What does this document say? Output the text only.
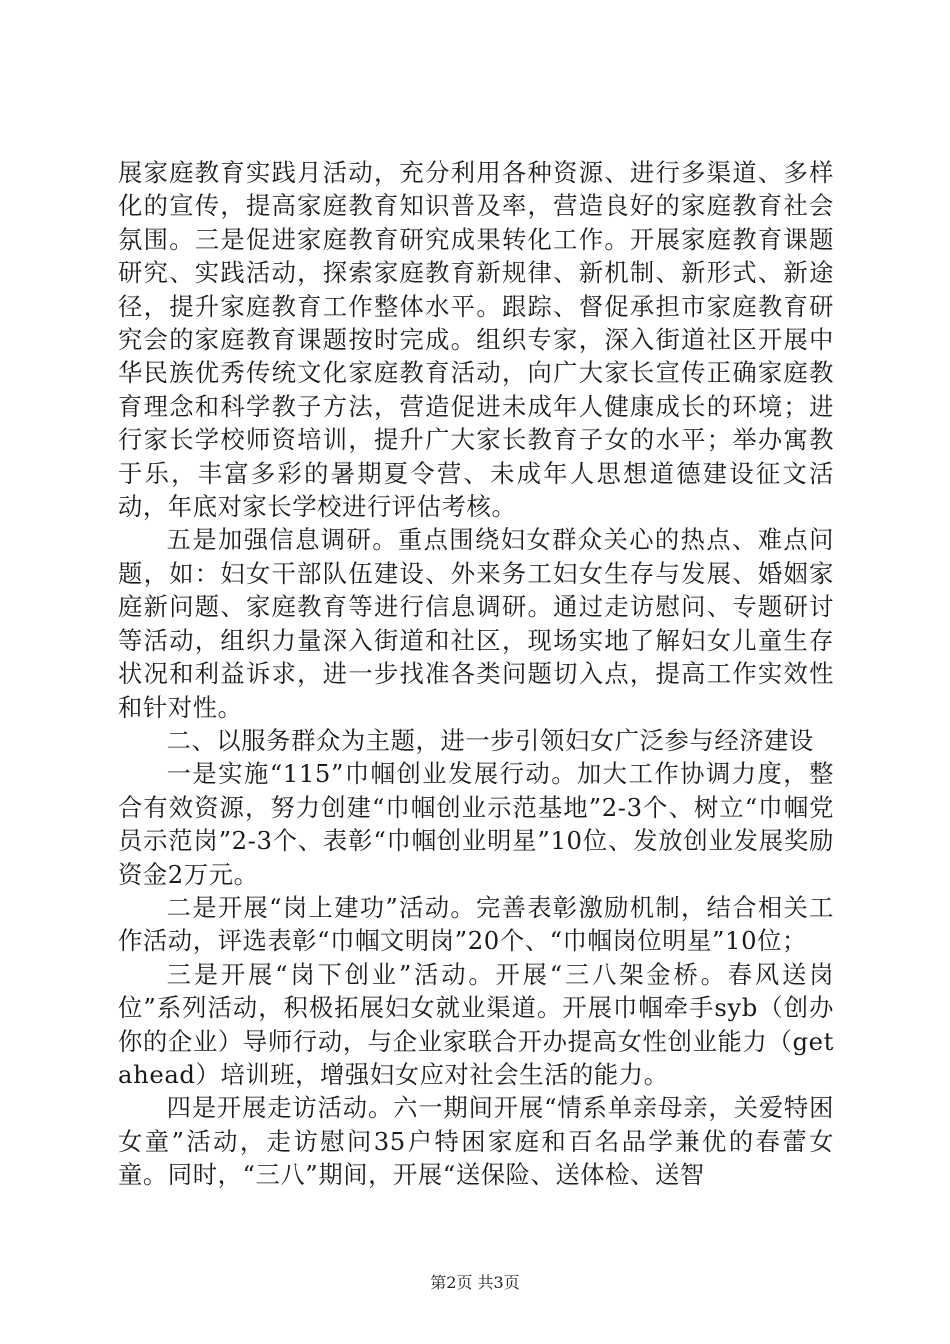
展家庭教育实践月活动，充分利用各种资源、进行多渠道、多样化的宣传，提高家庭教育知识普及率，营造良好的家庭教育社会氛围。三是促进家庭教育研究成果转化工作。开展家庭教育课题研究、实践活动，探索家庭教育新规律、新机制、新形式、新途径，提升家庭教育工作整体水平。跟踪、督促承担市家庭教育研究会的家庭教育课题按时完成。组织专家，深入街道社区开展中华民族优秀传统文化家庭教育活动，向广大家长宣传正确家庭教育理念和科学教子方法，营造促进未成年人健康成长的环境；进行家长学校师资培训，提升广大家长教育子女的水平；举办寓教于乐，丰富多彩的暑期夏令营、未成年人思想道德建设征文活动，年底对家长学校进行评估考核。

五是加强信息调研。重点围绕妇女群众关心的热点、难点问题，如：妇女干部队伍建设、外来务工妇女生存与发展、婚姻家庭新问题、家庭教育等进行信息调研。通过走访慰问、专题研讨等活动，组织力量深入街道和社区，现场实地了解妇女儿童生存状况和利益诉求，进一步找准各类问题切入点，提高工作实效性和针对性。

二、以服务群众为主题，进一步引领妇女广泛参与经济建设

一是实施“115”巾帼创业发展行动。加大工作协调力度，整合有效资源，努力创建“巾帼创业示范基地”2-3个、树立“巾帼党员示范岗”2-3个、表彰“巾帼创业明星”10位、发放创业发展奖励资金2万元。

二是开展“岗上建功”活动。完善表彰激励机制，结合相关工作活动，评选表彰“巾帼文明岗”20个、“巾帼岗位明星”10位；

三是开展“岗下创业”活动。开展“三八架金桥。春风送岗位”系列活动，积极拓展妇女就业渠道。开展巾帼牵手syb（创办你的企业）导师行动，与企业家联合开办提高女性创业能力（getahead）培训班，增强妇女应对社会生活的能力。

四是开展走访活动。六一期间开展“情系单亲母亲，关爱特困女童”活动，走访慰问35户特困家庭和百名品学兼优的春蕾女童。同时，“三八”期间，开展“送保险、送体检、送智

第2页 共3页
